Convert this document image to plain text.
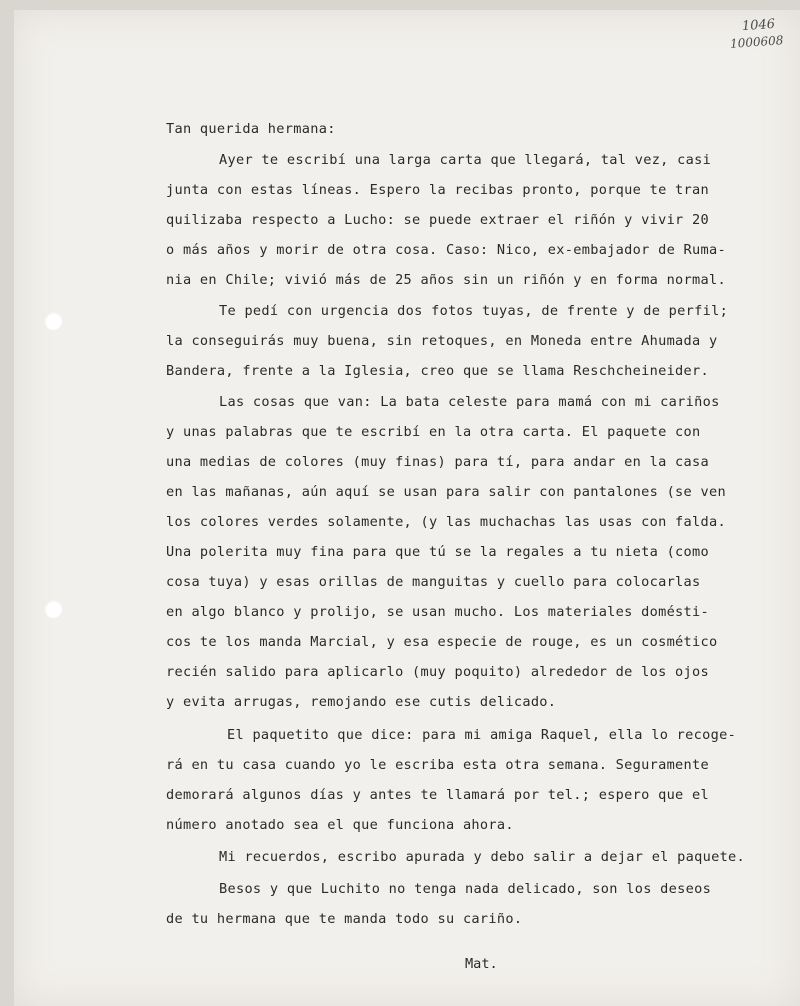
1046
1000608
Tan querida hermana:
Ayer te escribí una larga carta que llegará, tal vez, casi
junta con estas líneas. Espero la recibas pronto, porque te tran
quilizaba respecto a Lucho: se puede extraer el riñón y vivir 20
o más años y morir de otra cosa. Caso: Nico, ex-embajador de Ruma-
nia en Chile; vivió más de 25 años sin un riñón y en forma normal.
Te pedí con urgencia dos fotos tuyas, de frente y de perfil;
la conseguirás muy buena, sin retoques, en Moneda entre Ahumada y
Bandera, frente a la Iglesia, creo que se llama Reschcheineider.
Las cosas que van: La bata celeste para mamá con mi cariños
y unas palabras que te escribí en la otra carta. El paquete con
una medias de colores (muy finas) para tí, para andar en la casa
en las mañanas, aún aquí se usan para salir con pantalones (se ven
los colores verdes solamente, (y las muchachas las usas con falda.
Una polerita muy fina para que tú se la regales a tu nieta (como
cosa tuya) y esas orillas de manguitas y cuello para colocarlas
en algo blanco y prolijo, se usan mucho. Los materiales domésti-
cos te los manda Marcial, y esa especie de rouge, es un cosmético
recién salido para aplicarlo (muy poquito) alrededor de los ojos
y evita arrugas, remojando ese cutis delicado.
El paquetito que dice: para mi amiga Raquel, ella lo recoge-
rá en tu casa cuando yo le escriba esta otra semana. Seguramente
demorará algunos días y antes te llamará por tel.; espero que el
número anotado sea el que funciona ahora.
Mi recuerdos, escribo apurada y debo salir a dejar el paquete.
Besos y que Luchito no tenga nada delicado, son los deseos
de tu hermana que te manda todo su cariño.
Mat.
